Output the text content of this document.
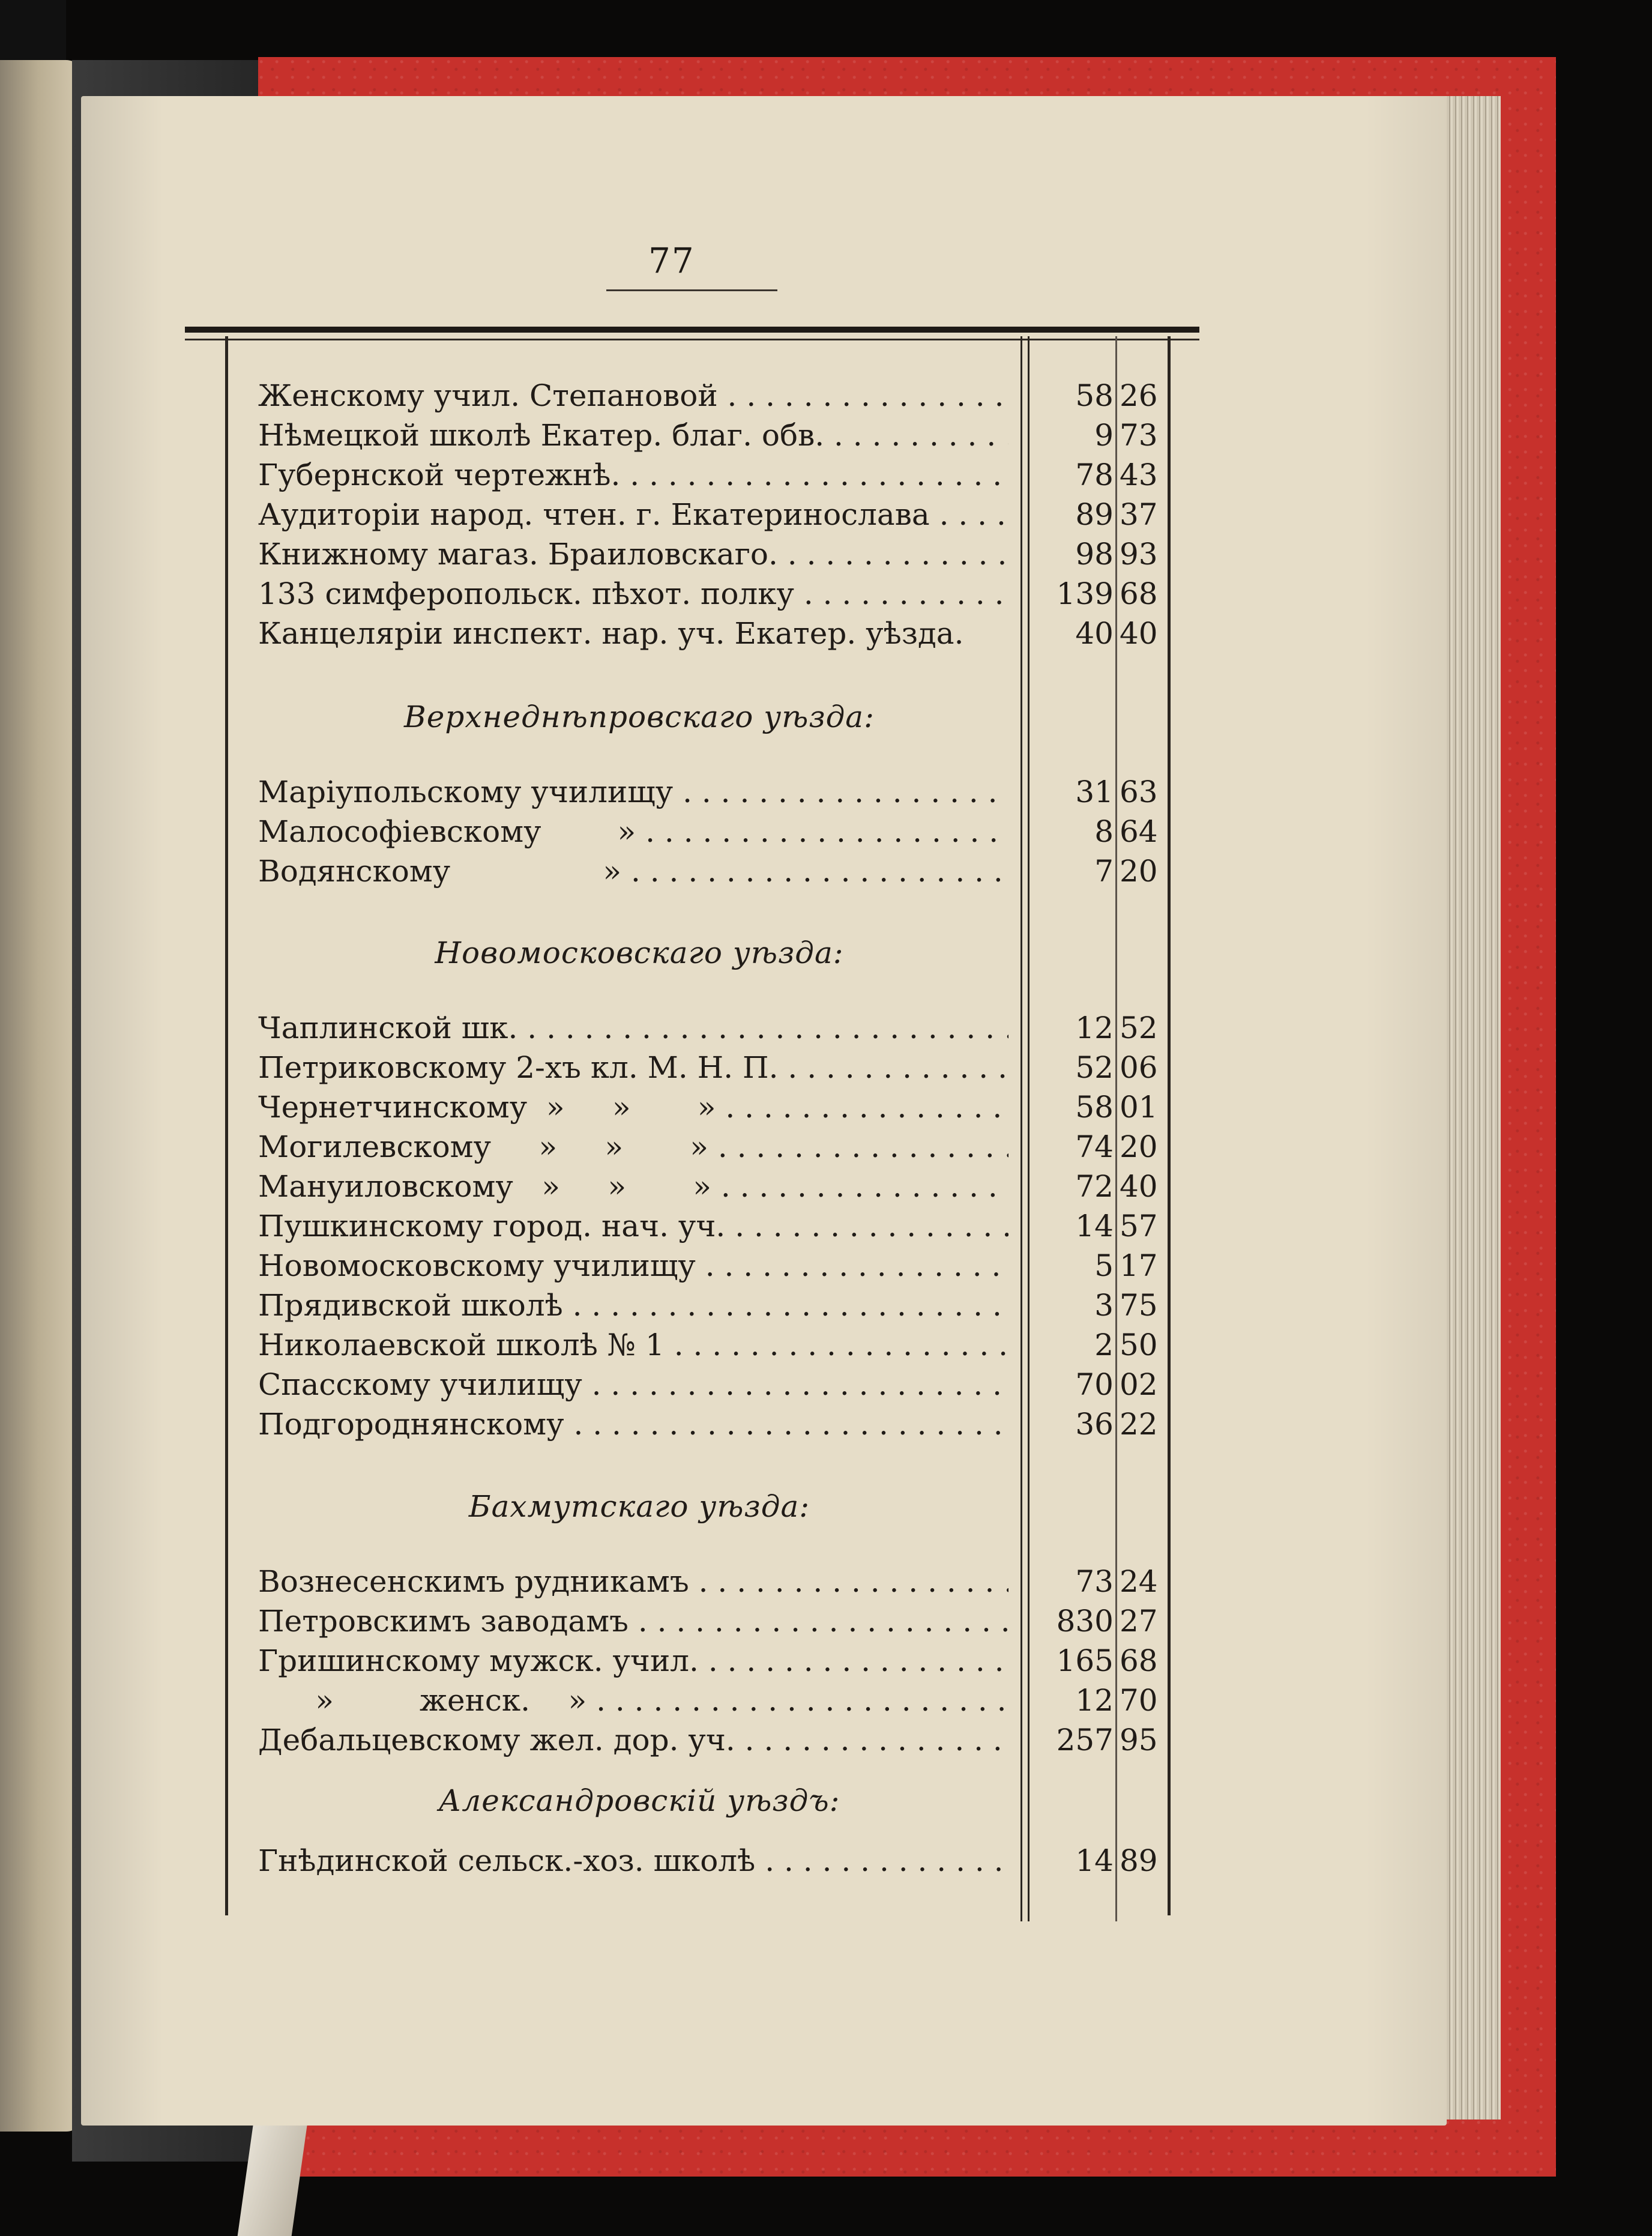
77
Женскому учил. Степановой . . .	58 26
Нѣмецкой школѣ Екатер. благ. обв. . . .	9 73
Губернской чертежнѣ. . . .	78 43
Аудиторіи народ. чтен. г. Екатеринослава . . .	89 37
Книжному магаз. Браиловскаго. . . .	98 93
133 симферопольск. пѣхот. полку . . .	139 68
Канцеляріи инспект. нар. уч. Екатер. уѣзда.	40 40
Верхнеднѣпровскаго уѣзда:
Маріупольскому училищу . . .	31 63
Малософіевскому        » . . .	8 64
Водянскому                » . . .	7 20
Новомосковскаго уѣзда:
Чаплинской шк. . . .	12 52
Петриковскому 2-хъ кл. М. Н. П. . . .	52 06
Чернетчинскому  »     »       » . . .	58 01
Могилевскому     »     »       » . . .	74 20
Мануиловскому   »     »       » . . .	72 40
Пушкинскому город. нач. уч. . . .	14 57
Новомосковскому училищу . . .	5 17
Прядивской школѣ . . .	3 75
Николаевской школѣ № 1 . . .	2 50
Спасскому училищу . . .	70 02
Подгороднянскому . . .	36 22
Бахмутскаго уѣзда:
Вознесенскимъ рудникамъ . . .	73 24
Петровскимъ заводамъ . . .	830 27
Гришинскому мужск. учил. . . .	165 68
»         женск.    » . . .	12 70
Дебальцевскому жел. дор. уч. . . .	257 95
Александровскій уѣздъ:
Гнѣдинской сельск.-хоз. школѣ . . .	14 89
